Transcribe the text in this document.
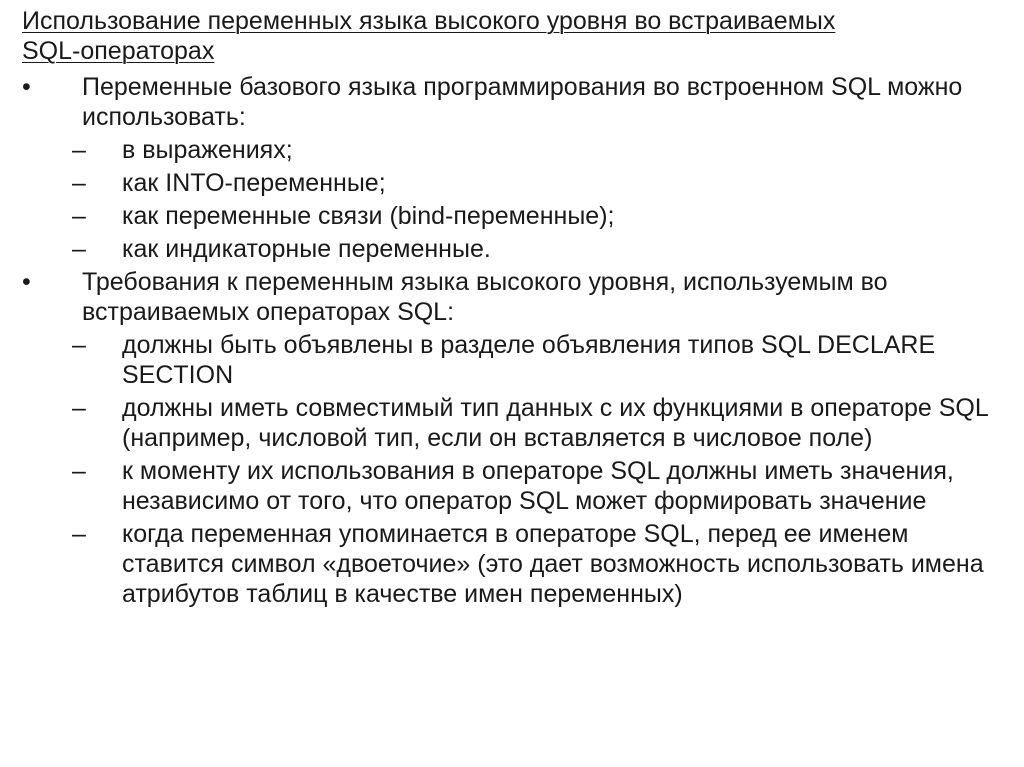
Использование переменных языка высокого уровня во встраиваемых
SQL-операторах
•	Переменные базового языка программирования во встроенном SQL можно использовать:
–	в выражениях;
–	как INTO-переменные;
–	как переменные связи (bind-переменные);
–	как индикаторные переменные.
•	Требования к переменным языка высокого уровня, используемым во встраиваемых операторах SQL:
–	должны быть объявлены в разделе объявления типов SQL DECLARE SECTION
–	должны иметь совместимый тип данных с их функциями в операторе SQL (например, числовой тип, если он вставляется в числовое поле)
–	к моменту их использования в операторе SQL должны иметь значения, независимо от того, что оператор SQL может формировать значение
–	когда переменная упоминается в операторе SQL, перед ее именем ставится символ «двоеточие» (это дает возможность использовать имена атрибутов таблиц в качестве имен переменных)
